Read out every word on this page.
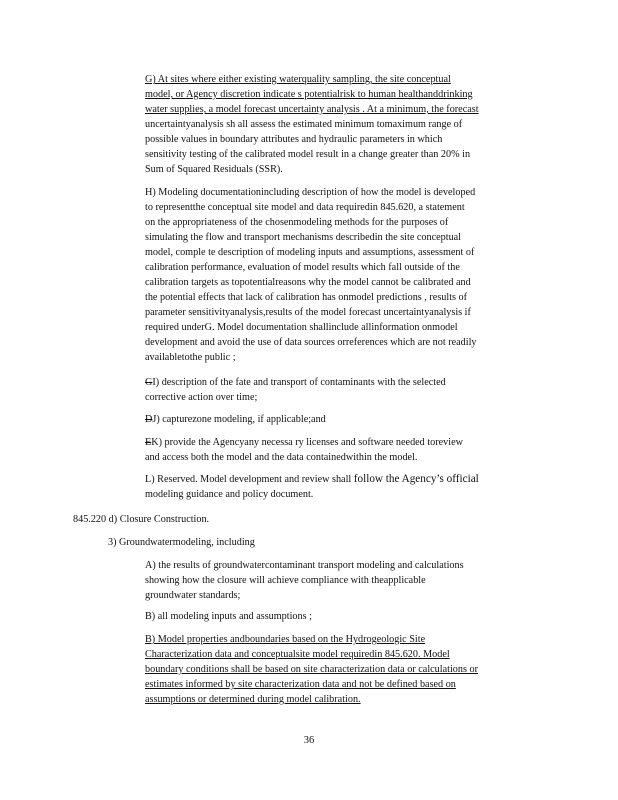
G) At sites where either existing waterquality sampling, the site conceptual
model, or Agency discretion indicate s potentialrisk to human healthanddrinking
water supplies, a model forecast uncertainty analysis . At a minimum, the forecast
uncertaintyanalysis sh all assess the estimated minimum tomaximum range of
possible values in boundary attributes and hydraulic parameters in which
sensitivity testing of the calibrated model result in a change greater than 20% in
Sum of Squared Residuals (SSR).
H) Modeling documentationincluding description of how the model is developed
to representthe conceptual site model and data requiredin 845.620, a statement
on the appropriateness of the chosenmodeling methods for the purposes of
simulating the flow and transport mechanisms describedin the site conceptual
model, comple te description of modeling inputs and assumptions, assessment of
calibration performance, evaluation of model results which fall outside of the
calibration targets as topotentialreasons why the model cannot be calibrated and
the potential effects that lack of calibration has onmodel predictions , results of
parameter sensitivityanalysis,results of the model forecast uncertaintyanalysis if
required underG. Model documentation shallinclude allinformation onmodel
development and avoid the use of data sources orreferences which are not readily
availabletothe public ;
GI) description of the fate and transport of contaminants with the selected
corrective action over time;
DJ) capturezone modeling, if applicable;and
EK) provide the Agencyany necessa ry licenses and software needed toreview
and access both the model and the data containedwithin the model.
L) Reserved. Model development and review shall follow the Agency’s official
modeling guidance and policy document.
845.220 d) Closure Construction.
3) Groundwatermodeling, including
A) the results of groundwatercontaminant transport modeling and calculations
showing how the closure will achieve compliance with theapplicable
groundwater standards;
B) all modeling inputs and assumptions ;
B) Model properties andboundaries based on the Hydrogeologic Site
Characterization data and conceptualsite model requiredin 845.620. Model
boundary conditions shall be based on site characterization data or calculations or
estimates informed by site characterization data and not be defined based on
assumptions or determined during model calibration.
36
